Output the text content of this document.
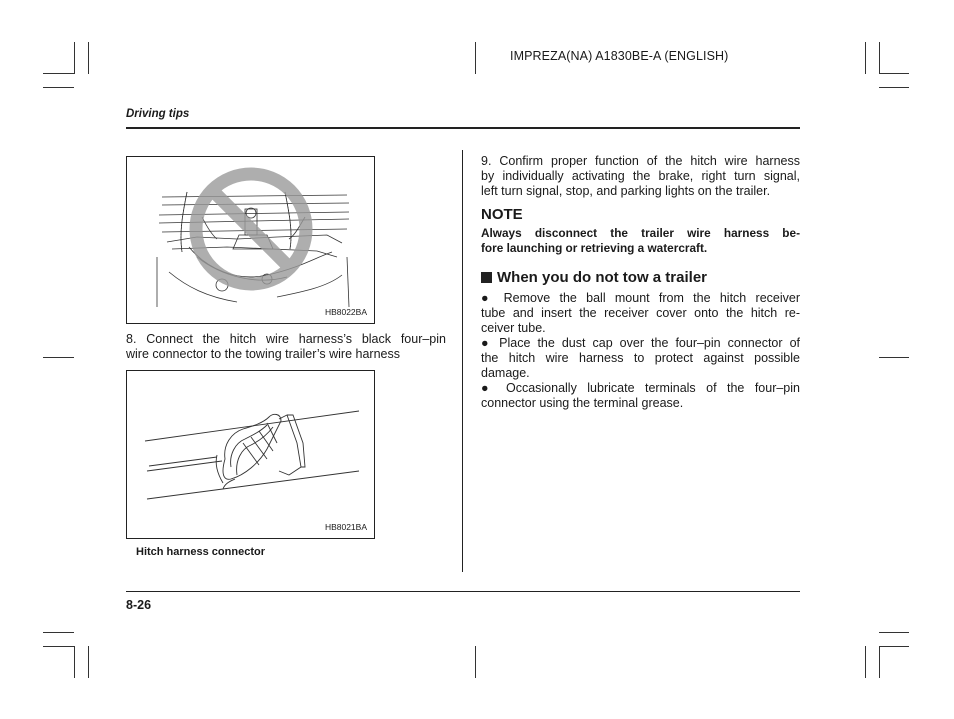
IMPREZA(NA) A1830BE-A (ENGLISH)
Driving tips
HB8022BA
8. Connect the hitch wire harness’s black four–pin
wire connector to the towing trailer’s wire harness
HB8021BA
Hitch harness connector
9. Confirm proper function of the hitch wire harness
by individually activating the brake, right turn signal,
left turn signal, stop, and parking lights on the trailer.
NOTE
Always disconnect the trailer wire harness be-
fore launching or retrieving a watercraft.
When you do not tow a trailer
● Remove the ball mount from the hitch receiver
tube and insert the receiver cover onto the hitch re-
ceiver tube.
● Place the dust cap over the four–pin connector of
the hitch wire harness to protect against possible
damage.
● Occasionally lubricate terminals of the four–pin
connector using the terminal grease.
8-26
